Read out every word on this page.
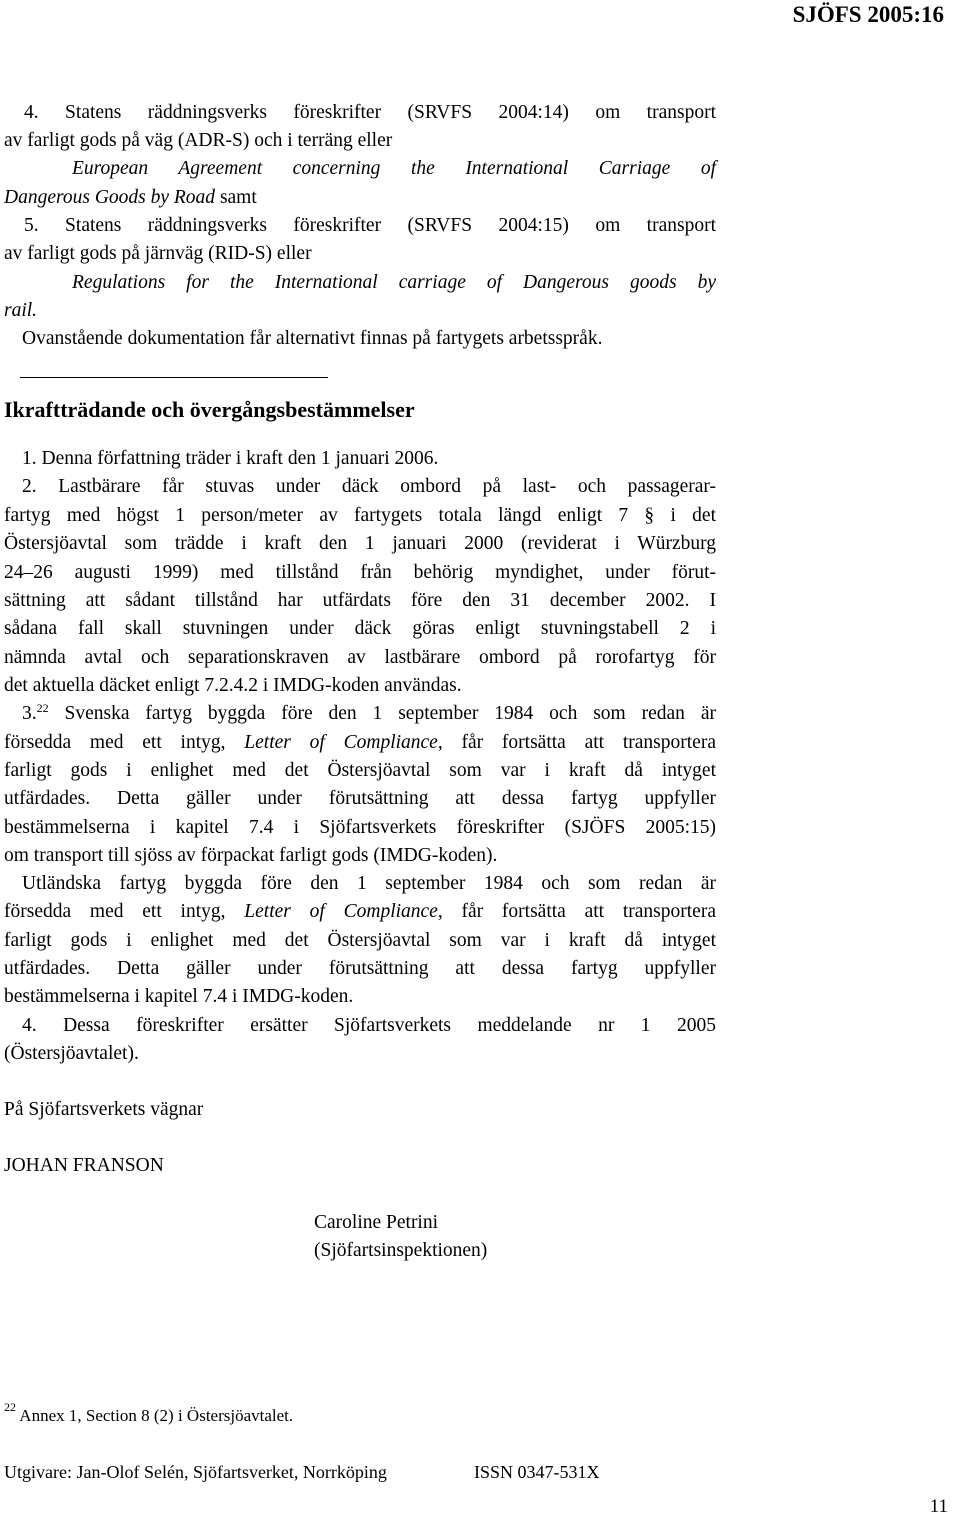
SJÖFS 2005:16
4. Statens räddningsverks föreskrifter (SRVFS 2004:14) om transport
av farligt gods på väg (ADR-S) och i terräng eller
European Agreement concerning the International Carriage of
Dangerous Goods by Road samt
5. Statens räddningsverks föreskrifter (SRVFS 2004:15) om transport
av farligt gods på järnväg (RID-S) eller
Regulations for the International carriage of Dangerous goods by
rail.
Ovanstående dokumentation får alternativt finnas på fartygets arbetsspråk.
Ikraftträdande och övergångsbestämmelser
1. Denna författning träder i kraft den 1 januari 2006.
2. Lastbärare får stuvas under däck ombord på last- och passagerar-
fartyg med högst 1 person/meter av fartygets totala längd enligt 7 § i det
Östersjöavtal som trädde i kraft den 1 januari 2000 (reviderat i Würzburg
24–26 augusti 1999) med tillstånd från behörig myndighet, under förut-
sättning att sådant tillstånd har utfärdats före den 31 december 2002. I
sådana fall skall stuvningen under däck göras enligt stuvningstabell 2 i
nämnda avtal och separationskraven av lastbärare ombord på rorofartyg för
det aktuella däcket enligt 7.2.4.2 i IMDG-koden användas.
3.22 Svenska fartyg byggda före den 1 september 1984 och som redan är
försedda med ett intyg, Letter of Compliance, får fortsätta att transportera
farligt gods i enlighet med det Östersjöavtal som var i kraft då intyget
utfärdades. Detta gäller under förutsättning att dessa fartyg uppfyller
bestämmelserna i kapitel 7.4 i Sjöfartsverkets föreskrifter (SJÖFS 2005:15)
om transport till sjöss av förpackat farligt gods (IMDG-koden).
Utländska fartyg byggda före den 1 september 1984 och som redan är
försedda med ett intyg, Letter of Compliance, får fortsätta att transportera
farligt gods i enlighet med det Östersjöavtal som var i kraft då intyget
utfärdades. Detta gäller under förutsättning att dessa fartyg uppfyller
bestämmelserna i kapitel 7.4 i IMDG-koden.
4. Dessa föreskrifter ersätter Sjöfartsverkets meddelande nr 1 2005
(Östersjöavtalet).
På Sjöfartsverkets vägnar
JOHAN FRANSON
Caroline Petrini
(Sjöfartsinspektionen)
$^{22}$ Annex 1, Section 8 (2) i Östersjöavtalet.
Utgivare: Jan-Olof Selén, Sjöfartsverket, Norrköping	ISSN 0347-531X
11
